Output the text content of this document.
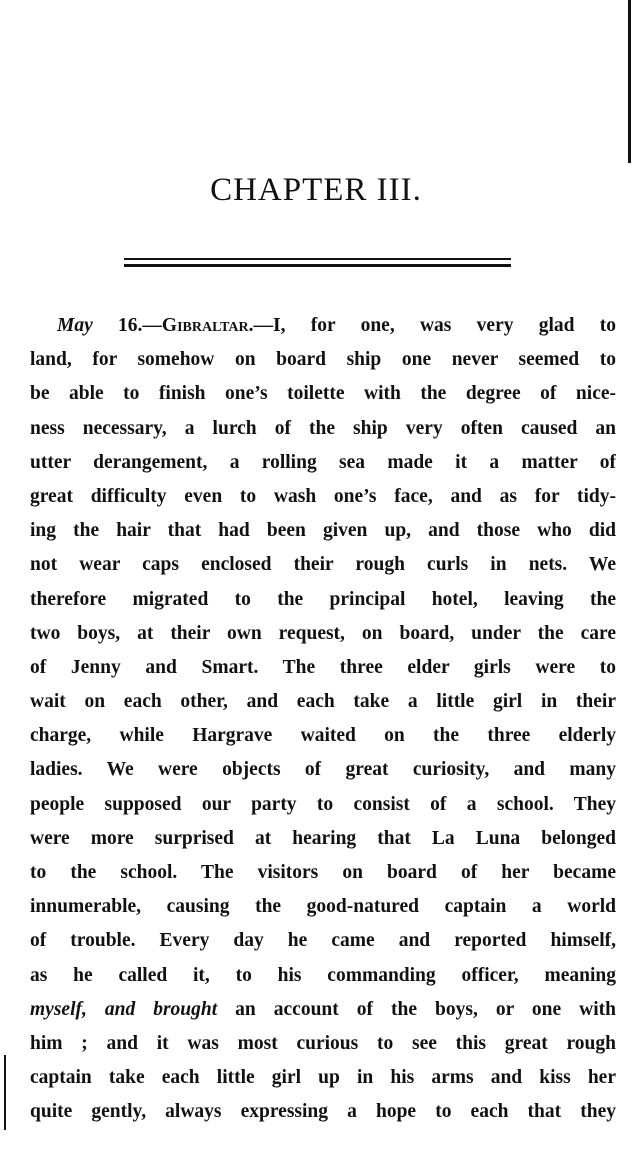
CHAPTER III.
May 16.—Gibraltar.—I, for one, was very glad to
land, for somehow on board ship one never seemed to
be able to finish one’s toilette with the degree of nice-
ness necessary, a lurch of the ship very often caused an
utter derangement, a rolling sea made it a matter of
great difficulty even to wash one’s face, and as for tidy-
ing the hair that had been given up, and those who did
not wear caps enclosed their rough curls in nets. We
therefore migrated to the principal hotel, leaving the
two boys, at their own request, on board, under the care
of Jenny and Smart. The three elder girls were to
wait on each other, and each take a little girl in their
charge, while Hargrave waited on the three elderly
ladies. We were objects of great curiosity, and many
people supposed our party to consist of a school. They
were more surprised at hearing that La Luna belonged
to the school. The visitors on board of her became
innumerable, causing the good-natured captain a world
of trouble. Every day he came and reported himself,
as he called it, to his commanding officer, meaning
myself, and brought an account of the boys, or one with
him ; and it was most curious to see this great rough
captain take each little girl up in his arms and kiss her
quite gently, always expressing a hope to each that they
